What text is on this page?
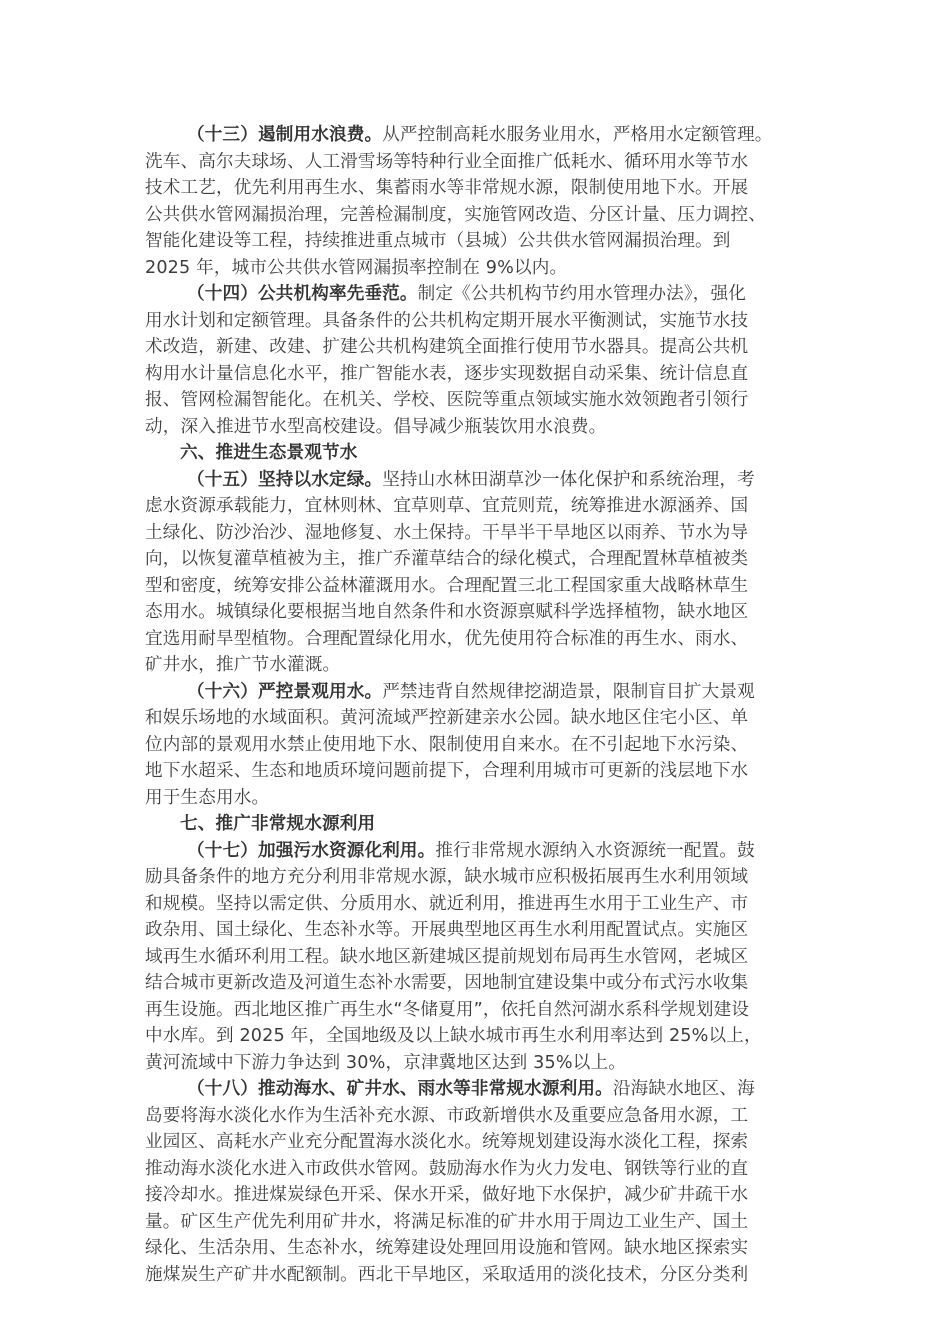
（十三）遏制用水浪费。从严控制高耗水服务业用水，严格用水定额管理。
洗车、高尔夫球场、人工滑雪场等特种行业全面推广低耗水、循环用水等节水
技术工艺，优先利用再生水、集蓄雨水等非常规水源，限制使用地下水。开展
公共供水管网漏损治理，完善检漏制度，实施管网改造、分区计量、压力调控、
智能化建设等工程，持续推进重点城市（县城）公共供水管网漏损治理。到
2025 年，城市公共供水管网漏损率控制在 9%以内。
（十四）公共机构率先垂范。制定《公共机构节约用水管理办法》，强化
用水计划和定额管理。具备条件的公共机构定期开展水平衡测试，实施节水技
术改造，新建、改建、扩建公共机构建筑全面推行使用节水器具。提高公共机
构用水计量信息化水平，推广智能水表，逐步实现数据自动采集、统计信息直
报、管网检漏智能化。在机关、学校、医院等重点领域实施水效领跑者引领行
动，深入推进节水型高校建设。倡导减少瓶装饮用水浪费。
六、推进生态景观节水
（十五）坚持以水定绿。坚持山水林田湖草沙一体化保护和系统治理，考
虑水资源承载能力，宜林则林、宜草则草、宜荒则荒，统筹推进水源涵养、国
土绿化、防沙治沙、湿地修复、水土保持。干旱半干旱地区以雨养、节水为导
向，以恢复灌草植被为主，推广乔灌草结合的绿化模式，合理配置林草植被类
型和密度，统筹安排公益林灌溉用水。合理配置三北工程国家重大战略林草生
态用水。城镇绿化要根据当地自然条件和水资源禀赋科学选择植物，缺水地区
宜选用耐旱型植物。合理配置绿化用水，优先使用符合标准的再生水、雨水、
矿井水，推广节水灌溉。
（十六）严控景观用水。严禁违背自然规律挖湖造景，限制盲目扩大景观
和娱乐场地的水域面积。黄河流域严控新建亲水公园。缺水地区住宅小区、单
位内部的景观用水禁止使用地下水、限制使用自来水。在不引起地下水污染、
地下水超采、生态和地质环境问题前提下，合理利用城市可更新的浅层地下水
用于生态用水。
七、推广非常规水源利用
（十七）加强污水资源化利用。推行非常规水源纳入水资源统一配置。鼓
励具备条件的地方充分利用非常规水源，缺水城市应积极拓展再生水利用领域
和规模。坚持以需定供、分质用水、就近利用，推进再生水用于工业生产、市
政杂用、国土绿化、生态补水等。开展典型地区再生水利用配置试点。实施区
域再生水循环利用工程。缺水地区新建城区提前规划布局再生水管网，老城区
结合城市更新改造及河道生态补水需要，因地制宜建设集中或分布式污水收集
再生设施。西北地区推广再生水“冬储夏用”，依托自然河湖水系科学规划建设
中水库。到 2025 年，全国地级及以上缺水城市再生水利用率达到 25%以上，
黄河流域中下游力争达到 30%，京津冀地区达到 35%以上。
（十八）推动海水、矿井水、雨水等非常规水源利用。沿海缺水地区、海
岛要将海水淡化水作为生活补充水源、市政新增供水及重要应急备用水源，工
业园区、高耗水产业充分配置海水淡化水。统筹规划建设海水淡化工程，探索
推动海水淡化水进入市政供水管网。鼓励海水作为火力发电、钢铁等行业的直
接冷却水。推进煤炭绿色开采、保水开采，做好地下水保护，减少矿井疏干水
量。矿区生产优先利用矿井水，将满足标准的矿井水用于周边工业生产、国土
绿化、生活杂用、生态补水，统筹建设处理回用设施和管网。缺水地区探索实
施煤炭生产矿井水配额制。西北干旱地区，采取适用的淡化技术，分区分类利
